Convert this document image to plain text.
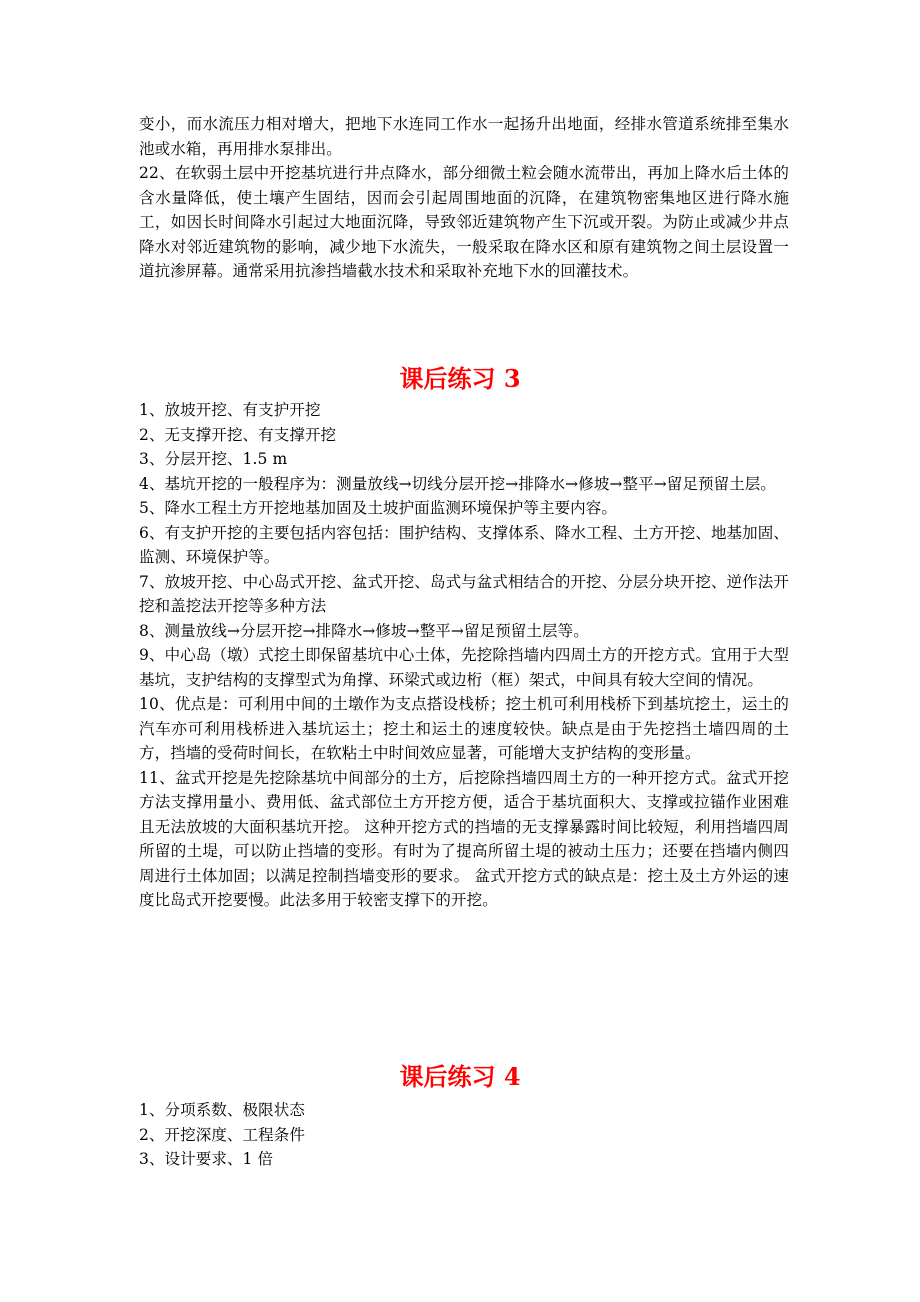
变小，而水流压力相对增大，把地下水连同工作水一起扬升出地面，经排水管道系统排至集水池或水箱，再用排水泵排出。

22、在软弱土层中开挖基坑进行井点降水，部分细微土粒会随水流带出，再加上降水后土体的含水量降低，使土壤产生固结，因而会引起周围地面的沉降，在建筑物密集地区进行降水施工，如因长时间降水引起过大地面沉降，导致邻近建筑物产生下沉或开裂。为防止或减少井点降水对邻近建筑物的影响，减少地下水流失，一般采取在降水区和原有建筑物之间土层设置一道抗渗屏幕。通常采用抗渗挡墙截水技术和采取补充地下水的回灌技术。

课后练习 3

1、放坡开挖、有支护开挖

2、无支撑开挖、有支撑开挖

3、分层开挖、1.5 m

4、基坑开挖的一般程序为：测量放线→切线分层开挖→排降水→修坡→整平→留足预留土层。

5、降水工程土方开挖地基加固及土坡护面监测环境保护等主要内容。

6、有支护开挖的主要包括内容包括：围护结构、支撑体系、降水工程、土方开挖、地基加固、监测、环境保护等。

7、放坡开挖、中心岛式开挖、盆式开挖、岛式与盆式相结合的开挖、分层分块开挖、逆作法开挖和盖挖法开挖等多种方法

8、测量放线→分层开挖→排降水→修坡→整平→留足预留土层等。

9、中心岛（墩）式挖土即保留基坑中心土体，先挖除挡墙内四周土方的开挖方式。宜用于大型基坑，支护结构的支撑型式为角撑、环梁式或边桁（框）架式，中间具有较大空间的情况。

10、优点是：可利用中间的土墩作为支点搭设栈桥；挖土机可利用栈桥下到基坑挖土，运土的汽车亦可利用栈桥进入基坑运土；挖土和运土的速度较快。缺点是由于先挖挡土墙四周的土方，挡墙的受荷时间长，在软粘土中时间效应显著，可能增大支护结构的变形量。

11、盆式开挖是先挖除基坑中间部分的土方，后挖除挡墙四周土方的一种开挖方式。盆式开挖方法支撑用量小、费用低、盆式部位土方开挖方便，适合于基坑面积大、支撑或拉锚作业困难且无法放坡的大面积基坑开挖。 这种开挖方式的挡墙的无支撑暴露时间比较短，利用挡墙四周所留的土堤，可以防止挡墙的变形。有时为了提高所留土堤的被动土压力；还要在挡墙内侧四周进行土体加固；以满足控制挡墙变形的要求。 盆式开挖方式的缺点是：挖土及土方外运的速度比岛式开挖要慢。此法多用于较密支撑下的开挖。

课后练习 4

1、分项系数、极限状态

2、开挖深度、工程条件

3、设计要求、1 倍
